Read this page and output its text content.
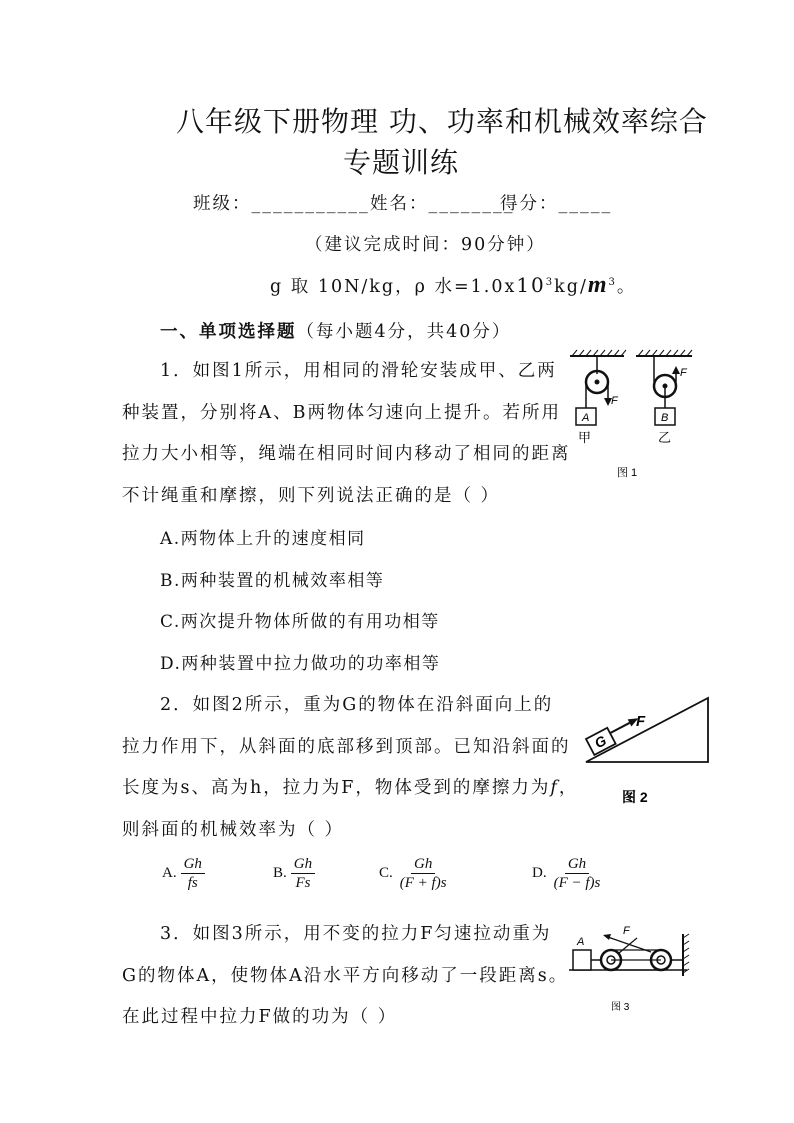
八年级下册物理 功、功率和机械效率综合
专题训练
班级：___________ 姓名：________
得分：_____
（建议完成时间：90分钟）
g 取 10N/kg，ρ 水$=1.0x10^3kg/m^3$。
一、单项选择题（每小题4分，共40分）
1．如图1所示，用相同的滑轮安装成甲、乙两
种装置，分别将A、B两物体匀速向上提升。若所用
拉力大小相等，绳端在相同时间内移动了相同的距离
不计绳重和摩擦，则下列说法正确的是（ ）
A.两物体上升的速度相同
B.两种装置的机械效率相等
C.两次提升物体所做的有用功相等
D.两种装置中拉力做功的功率相等
F
A
甲
F
B
乙
图 1
2．如图2所示，重为G的物体在沿斜面向上的
拉力作用下，从斜面的底部移到顶部。已知沿斜面的
长度为s、高为h，拉力为F，物体受到的摩擦力为f，
则斜面的机械效率为（ ）
A. $\frac{Gh}{fs}$	B. $\frac{Gh}{Fs}$	C. $\frac{Gh}{(F + f)s}$	D. $\frac{Gh}{(F - f)s}$
G
F
图 2
3．如图3所示，用不变的拉力F匀速拉动重为
G的物体A，使物体A沿水平方向移动了一段距离s。
在此过程中拉力F做的功为（ ）
A
F
图 3
